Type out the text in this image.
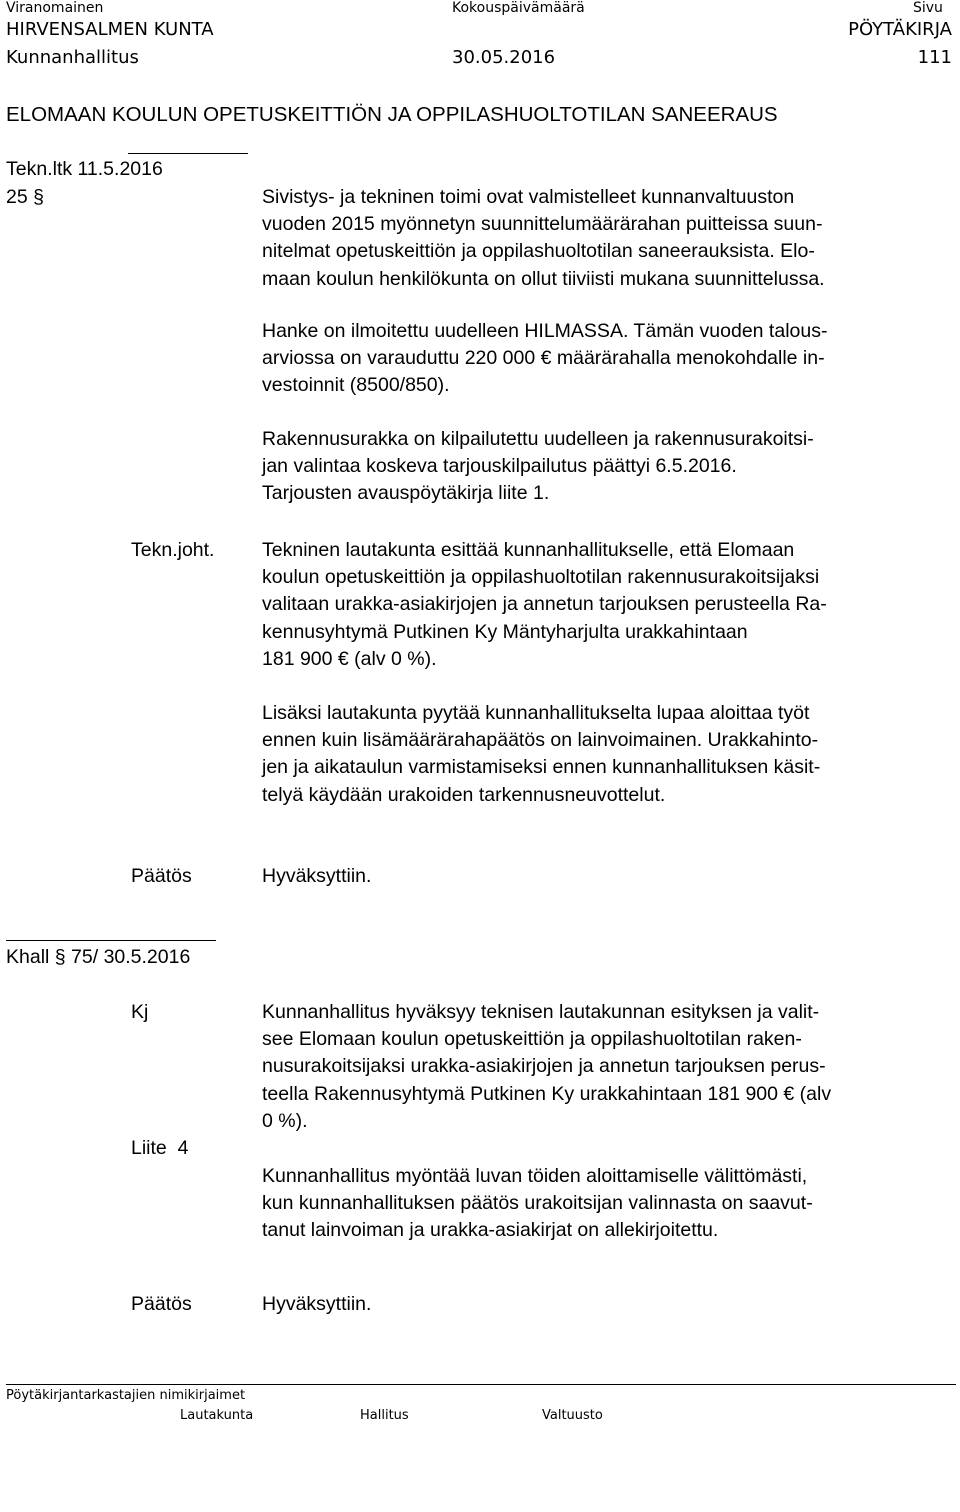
Viranomainen	Kokouspäivämäärä	Sivu
HIRVENSALMEN KUNTA	PÖYTÄKIRJA
Kunnanhallitus	30.05.2016	111
ELOMAAN KOULUN OPETUSKEITTIÖN JA OPPILASHUOLTOTILAN SANEERAUS
Tekn.ltk 11.5.2016
25 §	Sivistys- ja tekninen toimi ovat valmistelleet kunnanvaltuuston
vuoden 2015 myönnetyn suunnittelumäärärahan puitteissa suun-
nitelmat opetuskeittiön ja oppilashuoltotilan saneerauksista. Elo-
maan koulun henkilökunta on ollut tiiviisti mukana suunnittelussa.
Hanke on ilmoitettu uudelleen HILMASSA. Tämän vuoden talous-
arviossa on varauduttu 220 000 € määrärahalla menokohdalle in-
vestoinnit (8500/850).
Rakennusurakka on kilpailutettu uudelleen ja rakennusurakoitsi-
jan valintaa koskeva tarjouskilpailutus päättyi 6.5.2016.
Tarjousten avauspöytäkirja liite 1.
Tekn.joht. Tekninen lautakunta esittää kunnanhallitukselle, että Elomaan
koulun opetuskeittiön ja oppilashuoltotilan rakennusurakoitsijaksi
valitaan urakka-asiakirjojen ja annetun tarjouksen perusteella Ra-
kennusyhtymä Putkinen Ky Mäntyharjulta urakkahintaan
181 900 € (alv 0 %).
Lisäksi lautakunta pyytää kunnanhallitukselta lupaa aloittaa työt
ennen kuin lisämäärärahapäätös on lainvoimainen. Urakkahinto-
jen ja aikataulun varmistamiseksi ennen kunnanhallituksen käsit-
telyä käydään urakoiden tarkennusneuvottelut.
Päätös	Hyväksyttiin.
Khall § 75/ 30.5.2016
Kj	Kunnanhallitus hyväksyy teknisen lautakunnan esityksen ja valit-
see Elomaan koulun opetuskeittiön ja oppilashuoltotilan raken-
nusurakoitsijaksi urakka-asiakirjojen ja annetun tarjouksen perus-
teella Rakennusyhtymä Putkinen Ky urakkahintaan 181 900 € (alv
0 %).
Liite  4
Kunnanhallitus myöntää luvan töiden aloittamiselle välittömästi,
kun kunnanhallituksen päätös urakoitsijan valinnasta on saavut-
tanut lainvoiman ja urakka-asiakirjat on allekirjoitettu.
Päätös	Hyväksyttiin.
Pöytäkirjantarkastajien nimikirjaimet
Lautakunta	Hallitus	Valtuusto
